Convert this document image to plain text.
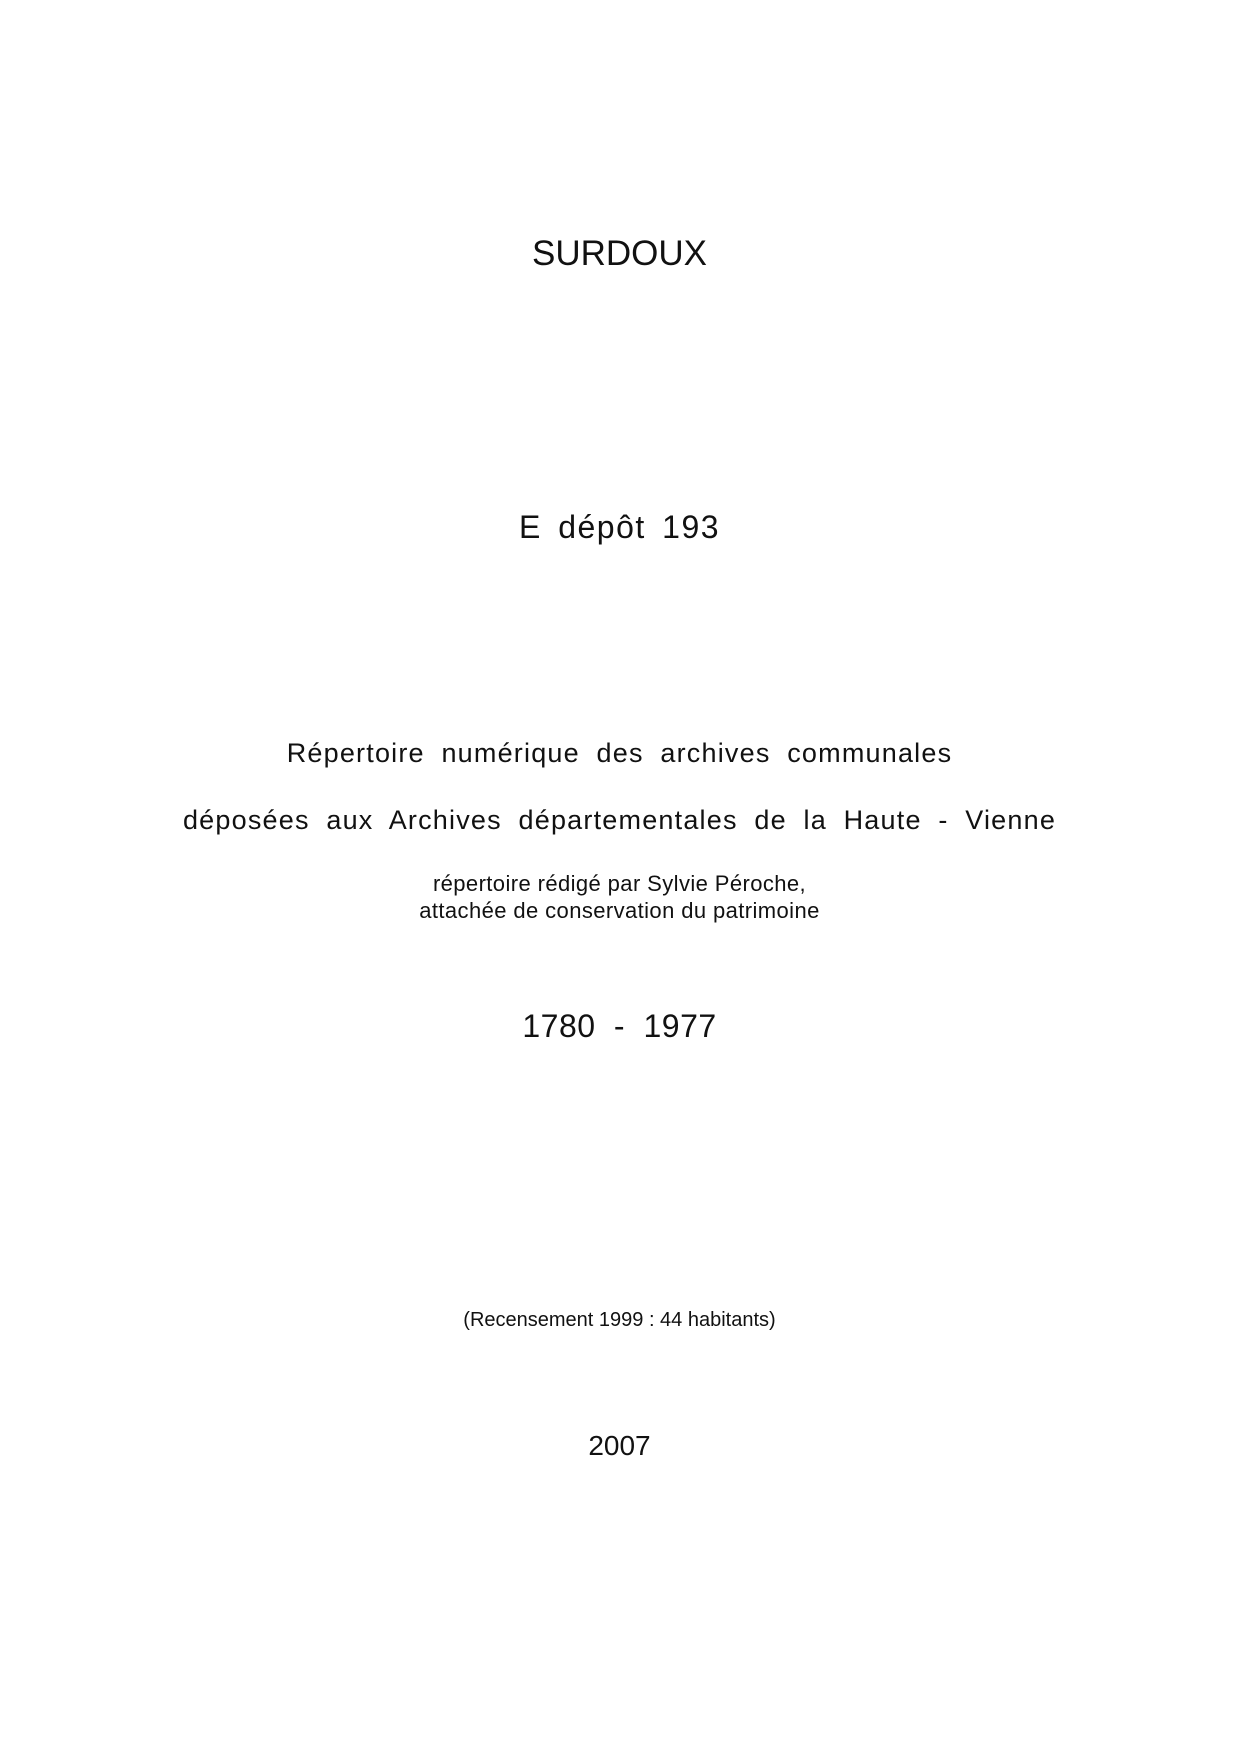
SURDOUX
E dépôt 193
Répertoire numérique des archives communales
déposées aux Archives départementales de la Haute - Vienne
répertoire rédigé par Sylvie Péroche,
attachée de conservation du patrimoine
1780 - 1977
(Recensement 1999 : 44 habitants)
2007
